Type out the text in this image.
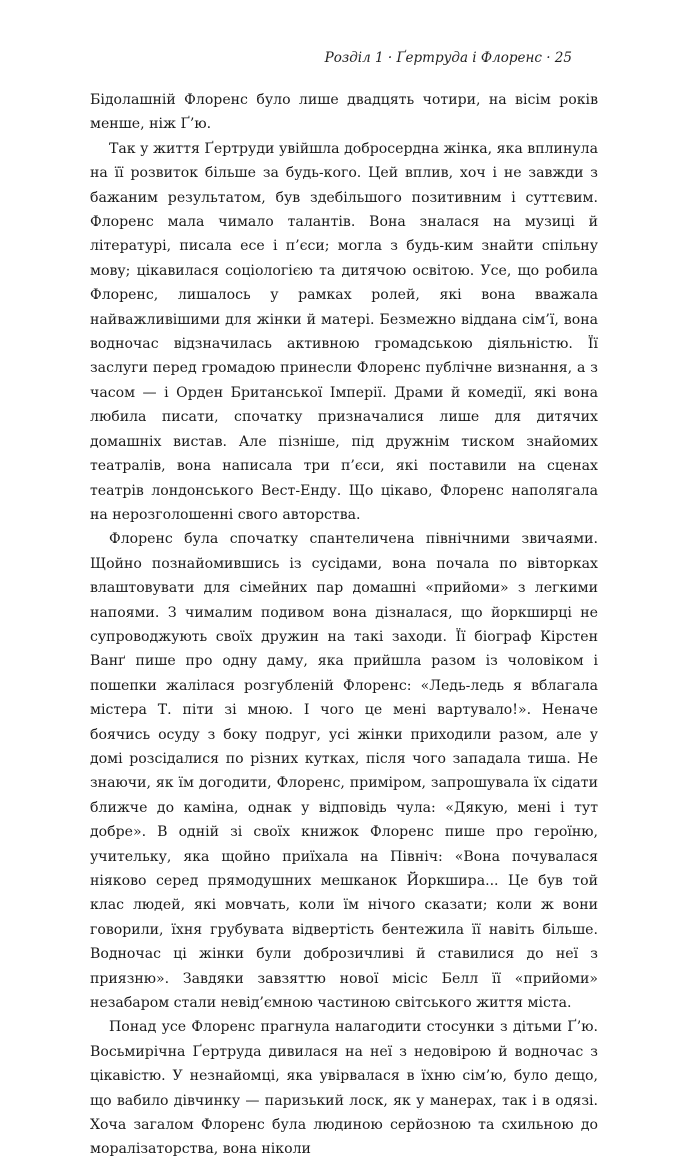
Розділ 1 · Ґертруда і Флоренс · 25

Бідолашній Флоренс було лише двадцять чотири, на вісім років менше, ніж Ґ’ю.

Так у життя Ґертруди увійшла добросердна жінка, яка вплинула на її розвиток більше за будь-кого. Цей вплив, хоч і не завжди з бажаним результатом, був здебільшого позитивним і суттєвим. Флоренс мала чимало талантів. Вона зналася на музиці й літературі, писала есе і п’єси; могла з будь-ким знайти спільну мову; цікавилася соціологією та дитячою освітою. Усе, що робила Флоренс, лишалось у рамках ролей, які вона вважала найважливішими для жінки й матері. Безмежно віддана сім’ї, вона водночас відзначилась активною громадською діяльністю. Її заслуги перед громадою принесли Флоренс публічне визнання, а з часом — і Орден Британської Імперії. Драми й комедії, які вона любила писати, спочатку призначалися лише для дитячих домашніх вистав. Але пізніше, під дружнім тиском знайомих театралів, вона написала три п’єси, які поставили на сценах театрів лондонського Вест-Енду. Що цікаво, Флоренс наполягала на нерозголошенні свого авторства.

Флоренс була спочатку спантеличена північними звичаями. Щойно познайомившись із сусідами, вона почала по вівторках влаштовувати для сімейних пар домашні «прийоми» з легкими напоями. З чималим подивом вона дізналася, що йоркширці не супроводжують своїх дружин на такі заходи. Її біограф Кірстен Ванґ пише про одну даму, яка прийшла разом із чоловіком і пошепки жалілася розгубленій Флоренс: «Ледь-ледь я вблагала містера Т. піти зі мною. І чого це мені вартувало!». Неначе боячись осуду з боку подруг, усі жінки приходили разом, але у домі розсідалися по різних кутках, після чого западала тиша. Не знаючи, як їм догодити, Флоренс, приміром, запрошувала їх сідати ближче до каміна, однак у відповідь чула: «Дякую, мені і тут добре». В одній зі своїх книжок Флоренс пише про героїню, учительку, яка щойно приїхала на Північ: «Вона почувалася ніяково серед прямодушних мешканок Йоркшира... Це був той клас людей, які мовчать, коли їм нічого сказати; коли ж вони говорили, їхня грубувата відвертість бентежила її навіть більше. Водночас ці жінки були доброзичливі й ставилися до неї з приязню». Завдяки завзяттю нової місіс Белл її «прийоми» незабаром стали невід’ємною частиною світського життя міста.

Понад усе Флоренс прагнула налагодити стосунки з дітьми Ґ’ю. Восьмирічна Ґертруда дивилася на неї з недовірою й водночас з цікавістю. У незнайомці, яка увірвалася в їхню сім’ю, було дещо, що вабило дівчинку — паризький лоск, як у манерах, так і в одязі. Хоча загалом Флоренс була людиною серйозною та схильною до моралізаторства, вона ніколи
